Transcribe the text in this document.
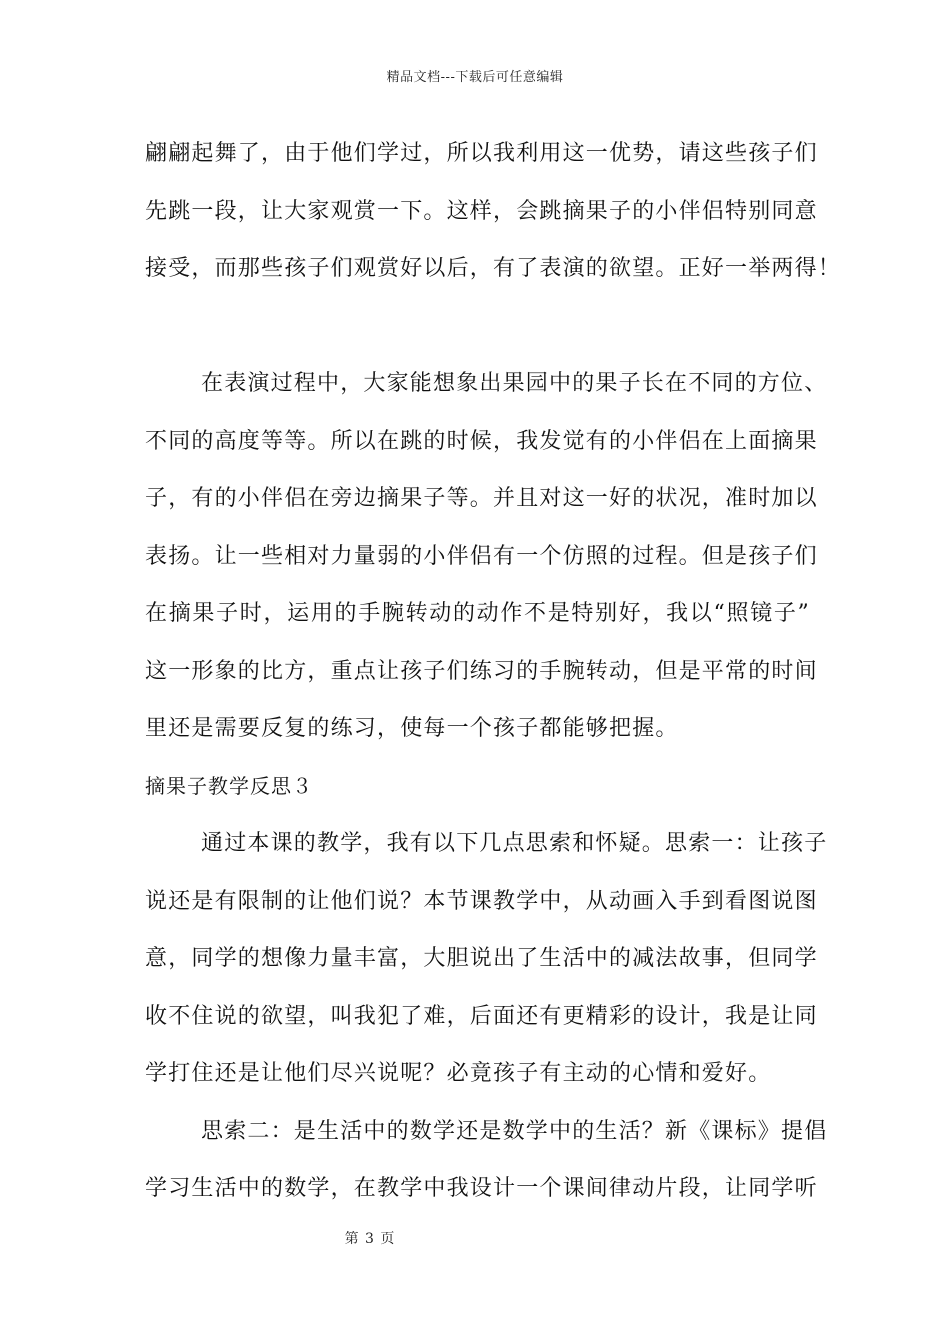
精品文档---下载后可任意编辑

翩翩起舞了，由于他们学过，所以我利用这一优势，请这些孩子们

先跳一段，让大家观赏一下。这样，会跳摘果子的小伴侣特别同意

接受，而那些孩子们观赏好以后，有了表演的欲望。正好一举两得！

在表演过程中，大家能想象出果园中的果子长在不同的方位、

不同的高度等等。所以在跳的时候，我发觉有的小伴侣在上面摘果

子，有的小伴侣在旁边摘果子等。并且对这一好的状况，准时加以

表扬。让一些相对力量弱的小伴侣有一个仿照的过程。但是孩子们

在摘果子时，运用的手腕转动的动作不是特别好，我以“照镜子”

这一形象的比方，重点让孩子们练习的手腕转动，但是平常的时间

里还是需要反复的练习，使每一个孩子都能够把握。

摘果子教学反思３

通过本课的教学，我有以下几点思索和怀疑。思索一：让孩子

说还是有限制的让他们说？本节课教学中，从动画入手到看图说图

意，同学的想像力量丰富，大胆说出了生活中的减法故事，但同学

收不住说的欲望，叫我犯了难，后面还有更精彩的设计，我是让同

学打住还是让他们尽兴说呢？必竟孩子有主动的心情和爱好。

思索二：是生活中的数学还是数学中的生活？新《课标》提倡

学习生活中的数学，在教学中我设计一个课间律动片段，让同学听

第 3 页
